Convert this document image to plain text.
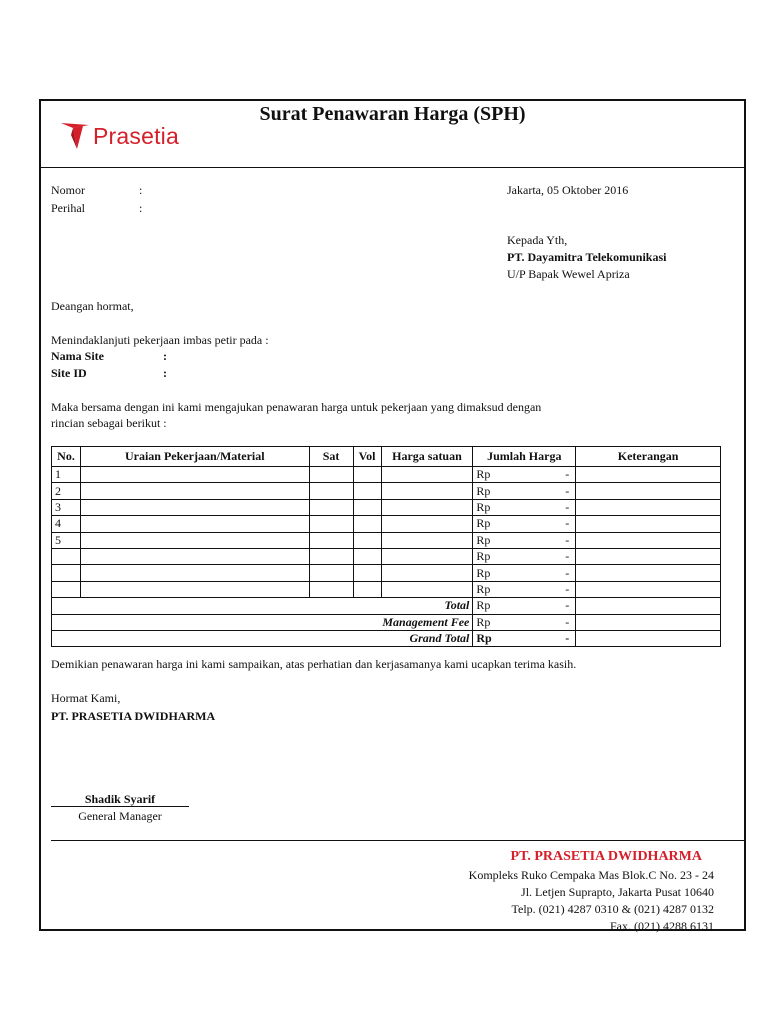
Prasetia
Surat Penawaran Harga (SPH)
Nomor	:
Perihal	:
Jakarta, 05 Oktober 2016
Kepada Yth,
PT. Dayamitra Telekomunikasi
U/P Bapak Wewel Apriza
Deangan hormat,
Menindaklanjuti pekerjaan imbas petir pada :
Nama Site	:
Site ID	:
Maka bersama dengan ini kami mengajukan penawaran harga untuk pekerjaan yang dimaksud dengan
rincian sebagai berikut :
No.	Uraian Pekerjaan/Material	Sat	Vol	Harga satuan	Jumlah Harga	Keterangan
1					Rp -	

2					Rp -	

3					Rp -	

4					Rp -	

5					Rp -	

					Rp -	

					Rp -	

					Rp -	

Total					Rp -	

Management Fee					Rp -	

Grand Total					Rp -	

Demikian penawaran harga ini kami sampaikan, atas perhatian dan kerjasamanya kami ucapkan terima kasih.
Hormat Kami,
PT. PRASETIA DWIDHARMA
Shadik Syarif
General Manager
PT. PRASETIA DWIDHARMA
Kompleks Ruko Cempaka Mas Blok.C No. 23 - 24
Jl. Letjen Suprapto, Jakarta Pusat 10640
Telp. (021) 4287 0310 & (021) 4287 0132
Fax. (021) 4288 6131
